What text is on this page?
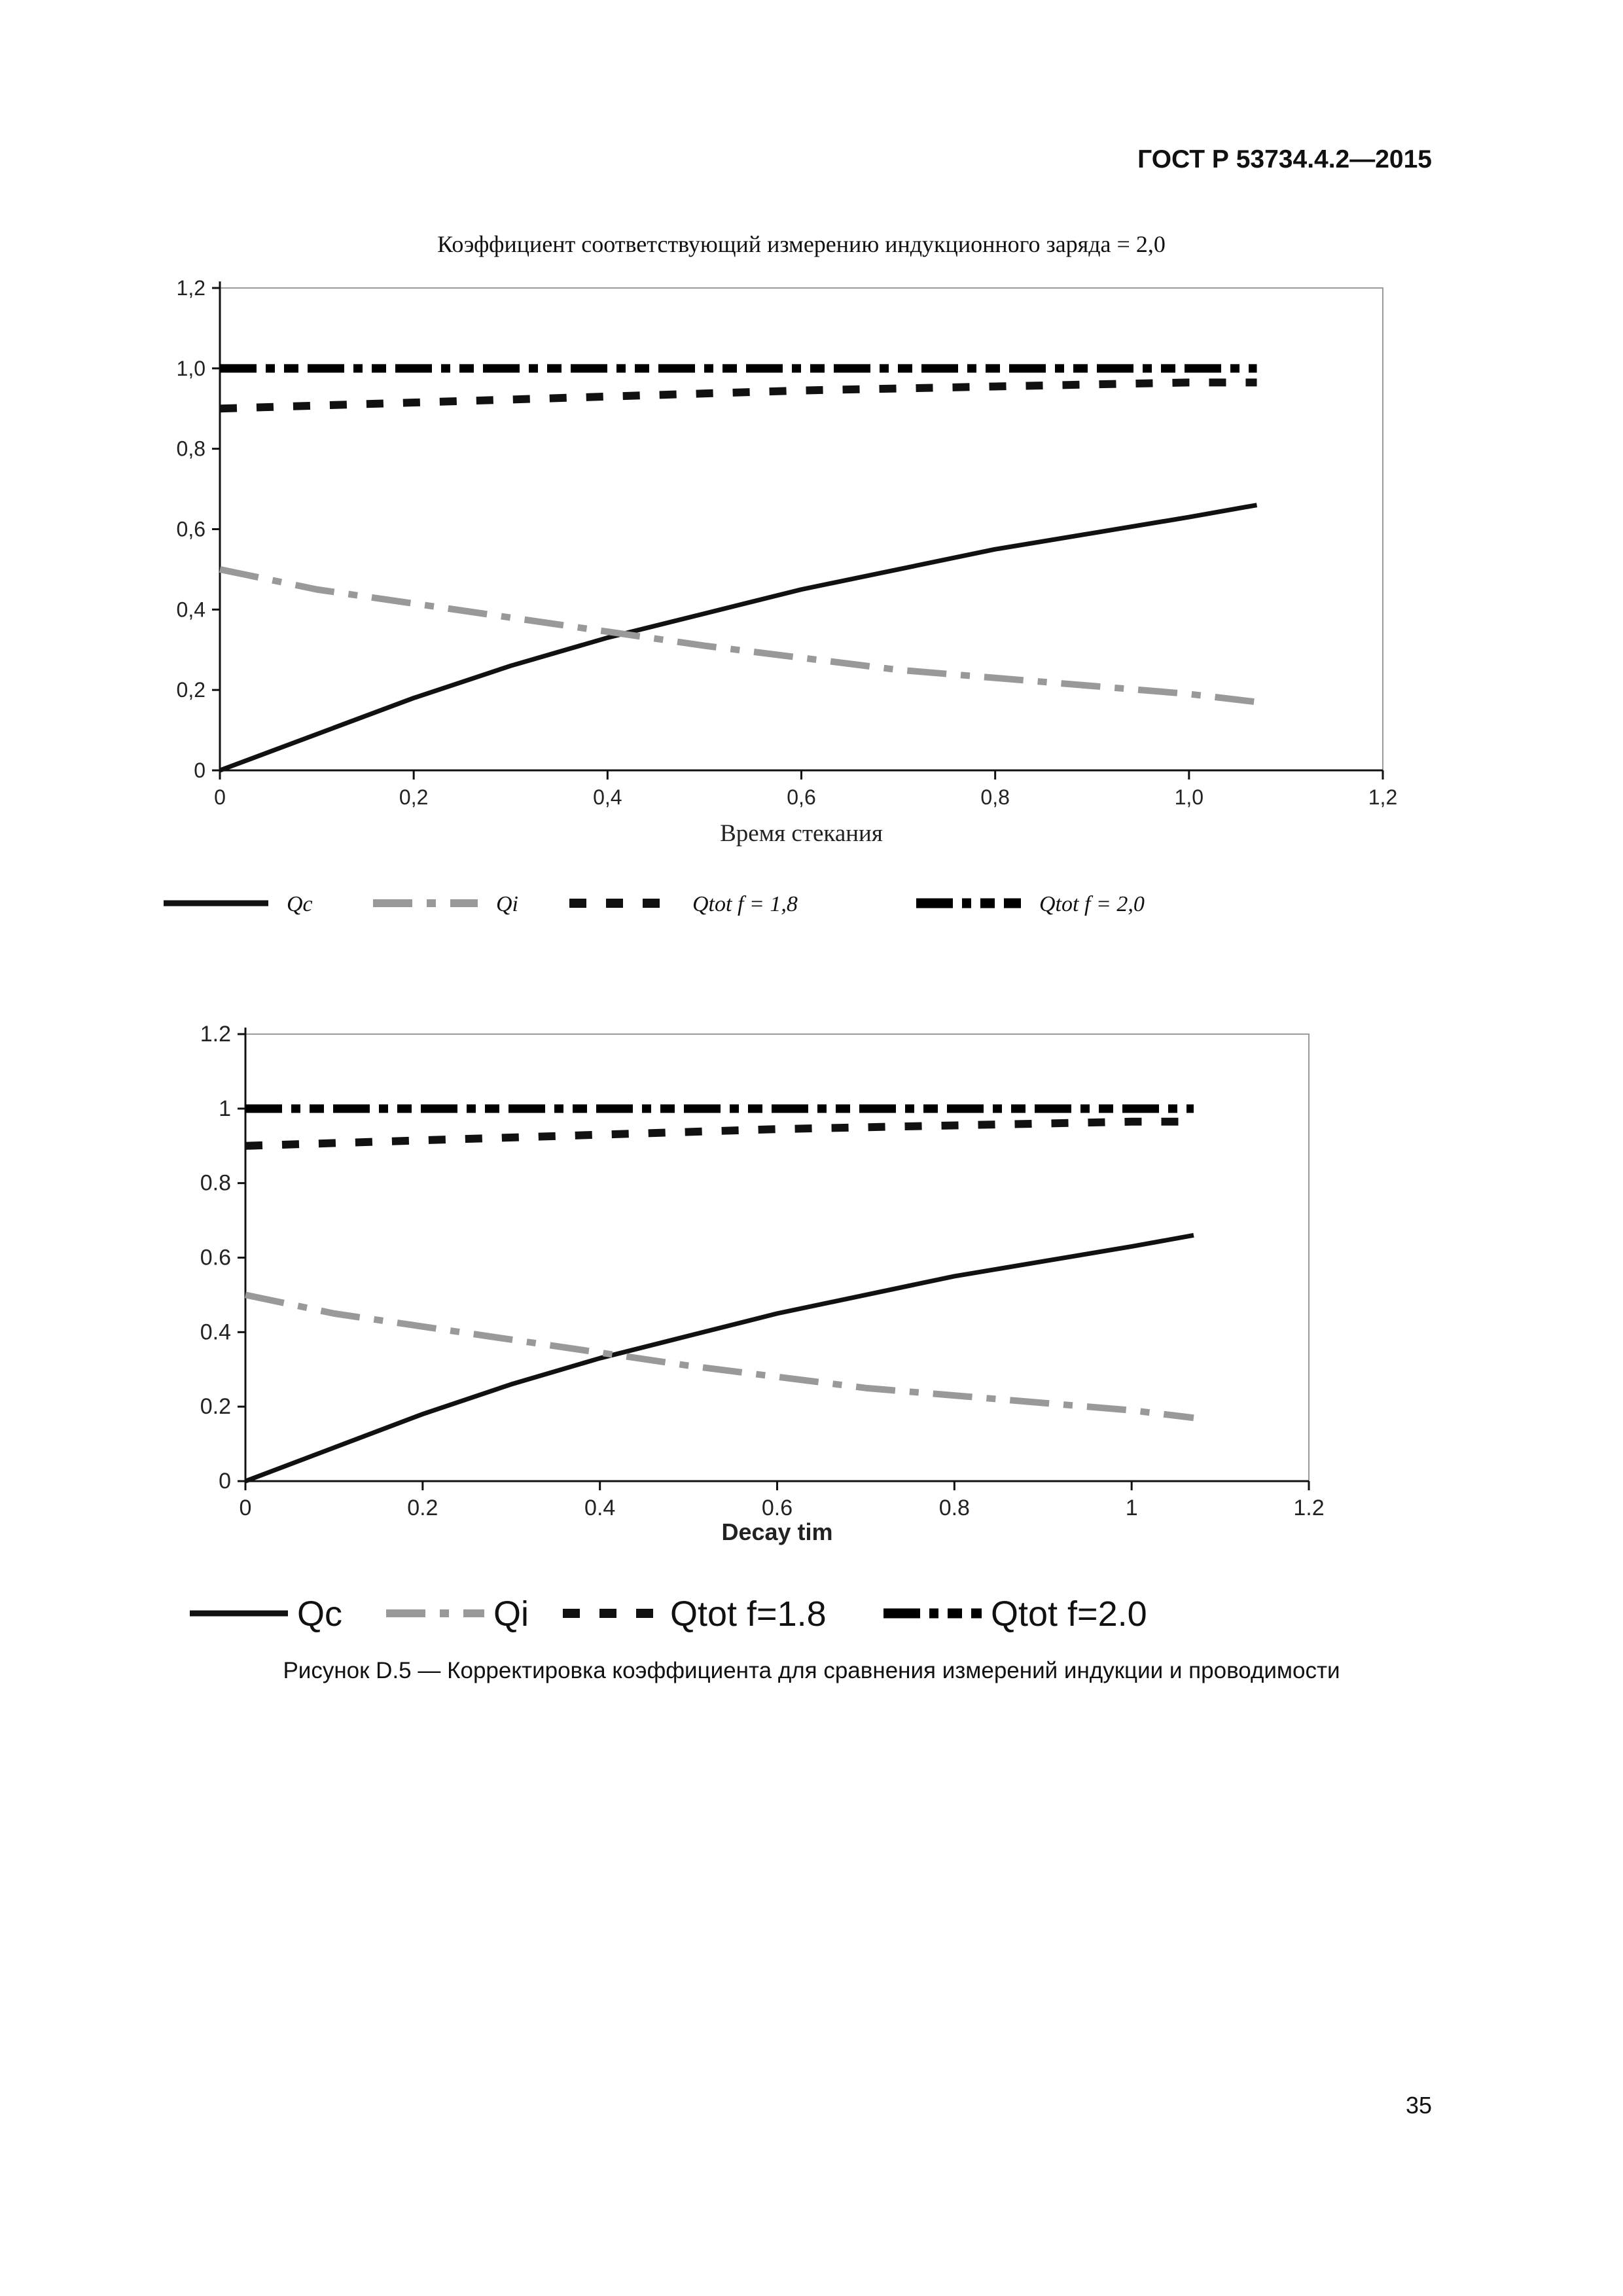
ГОСТ Р 53734.4.2—2015
Коэффициент соответствующий измерению индукционного заряда = 2,0
0	0,2	0,4	0,6	0,8	1,0	1,2
0
0,2
0,4
0,6
0,8
1,0
1,2
Время стекания
Qc	Qi	Qtot f = 1,8	Qtot f = 2,0
0	0.2	0.4	0.6	0.8	1	1.2
0
0.2
0.4
0.6
0.8
1
1.2
Decay tim
Qc	Qi	Qtot f=1.8	Qtot f=2.0
Рисунок D.5 — Корректировка коэффициента для сравнения измерений индукции и проводимости
35
